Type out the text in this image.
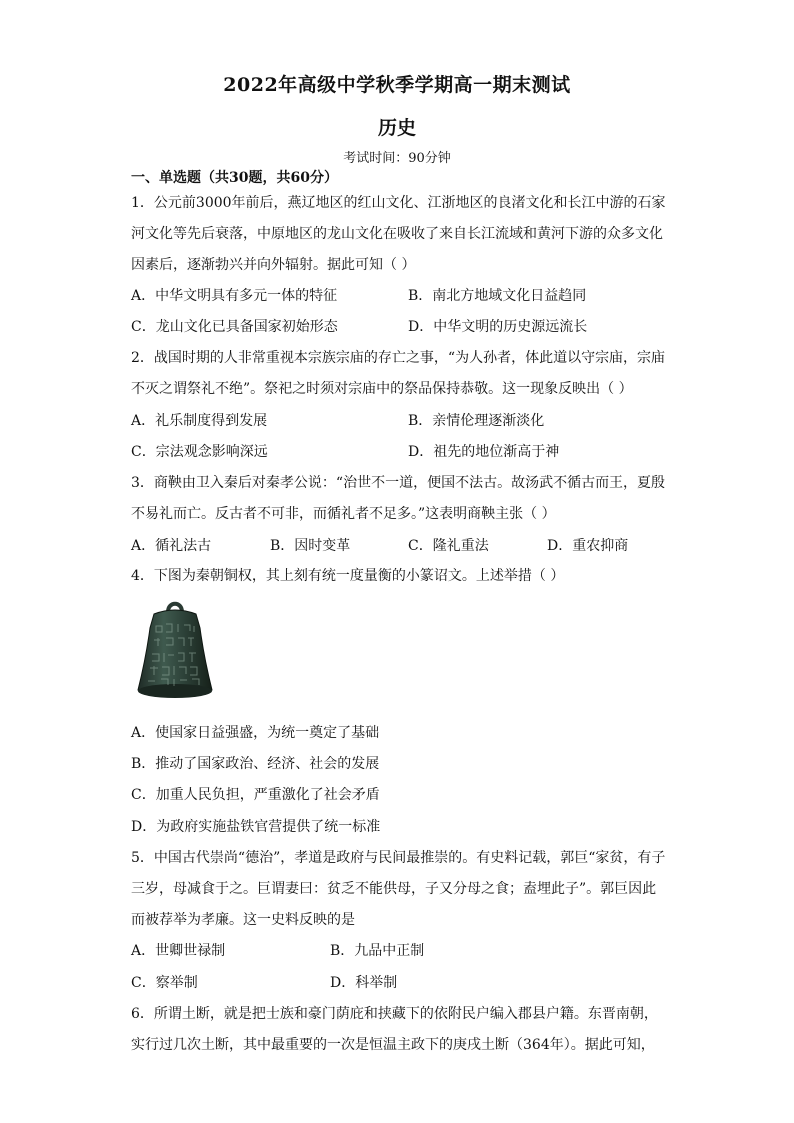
2022年高级中学秋季学期高一期末测试
历史
考试时间：90分钟
一、单选题（共30题，共60分）
1．公元前3000年前后，燕辽地区的红山文化、江浙地区的良渚文化和长江中游的石家
河文化等先后衰落，中原地区的龙山文化在吸收了来自长江流域和黄河下游的众多文化
因素后，逐渐勃兴并向外辐射。据此可知（ ）
A．中华文明具有多元一体的特征	B．南北方地域文化日益趋同
C．龙山文化已具备国家初始形态	D．中华文明的历史源远流长
2．战国时期的人非常重视本宗族宗庙的存亡之事，“为人孙者，体此道以守宗庙，宗庙
不灭之谓祭礼不绝”。祭祀之时须对宗庙中的祭品保持恭敬。这一现象反映出（ ）
A．礼乐制度得到发展	B．亲情伦理逐渐淡化
C．宗法观念影响深远	D．祖先的地位渐高于神
3．商鞅由卫入秦后对秦孝公说：“治世不一道，便国不法古。故汤武不循古而王，夏殷
不易礼而亡。反古者不可非，而循礼者不足多。”这表明商鞅主张（ ）
A．循礼法古	B．因时变革	C．隆礼重法	D．重农抑商
4．下图为秦朝铜权，其上刻有统一度量衡的小篆诏文。上述举措（ ）
A．使国家日益强盛，为统一奠定了基础
B．推动了国家政治、经济、社会的发展
C．加重人民负担，严重激化了社会矛盾
D．为政府实施盐铁官营提供了统一标准
5．中国古代崇尚“德治”，孝道是政府与民间最推崇的。有史料记载，郭巨“家贫，有子
三岁，母减食于之。巨谓妻曰：贫乏不能供母，子又分母之食；盍埋此子”。郭巨因此
而被荐举为孝廉。这一史料反映的是
A．世卿世禄制	B．九品中正制
C．察举制	D．科举制
6．所谓土断，就是把士族和豪门荫庇和挟藏下的依附民户编入郡县户籍。东晋南朝，
实行过几次土断，其中最重要的一次是恒温主政下的庚戌土断（364年）。据此可知，
